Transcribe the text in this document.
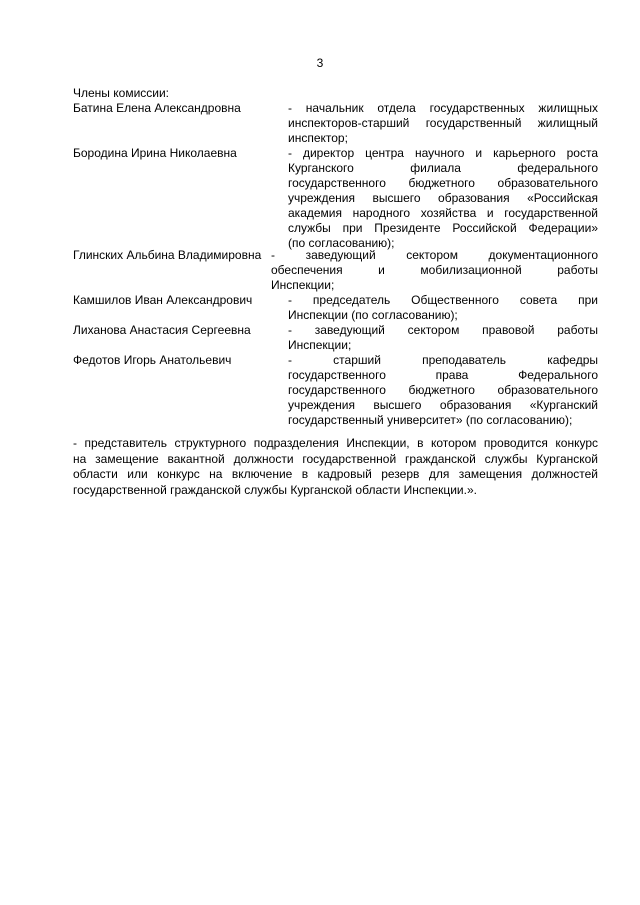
3
Члены комиссии:
Батина Елена Александровна	- начальник отдела государственных жилищных
инспекторов-старший государственный жилищный
инспектор;
Бородина Ирина Николаевна	- директор центра научного и карьерного роста
Курганского филиала федерального
государственного бюджетного образовательного
учреждения высшего образования «Российская
академия народного хозяйства и государственной
службы при Президенте Российской Федерации»
(по согласованию);
Глинских Альбина Владимировна - заведующий сектором документационного
обеспечения и мобилизационной работы
Инспекции;
Камшилов Иван Александрович	- председатель Общественного совета при
Инспекции (по согласованию);
Лиханова Анастасия Сергеевна	- заведующий сектором правовой работы
Инспекции;
Федотов Игорь Анатольевич	- старший преподаватель кафедры
государственного права Федерального
государственного бюджетного образовательного
учреждения высшего образования «Курганский
государственный университет» (по согласованию);
- представитель структурного подразделения Инспекции, в котором проводится конкурс
на замещение вакантной должности государственной гражданской службы Курганской
области или конкурс на включение в кадровый резерв для замещения должностей
государственной гражданской службы Курганской области Инспекции.».
